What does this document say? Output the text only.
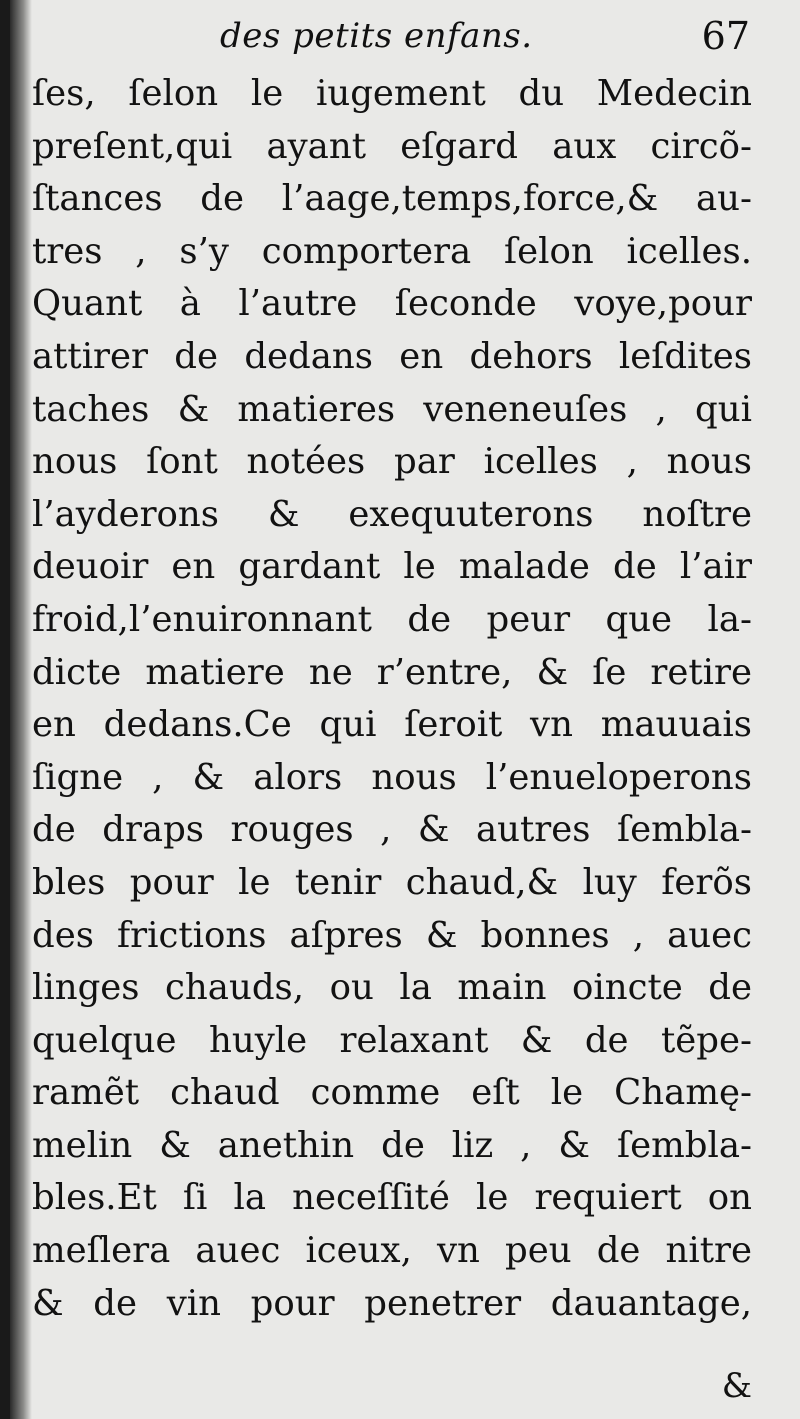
des petits enfans.	67
ſes, ſelon le iugement du Medecin
preſent,qui ayant eſgard aux circõ-
ſtances de l’aage,temps,force,& au-
tres , s’y comportera ſelon icelles.
Quant à l’autre ſeconde voye,pour
attirer de dedans en dehors leſdites
taches & matieres veneneuſes , qui
nous ſont notées par icelles , nous
l’ayderons & exequuterons noſtre
deuoir en gardant le malade de l’air
froid,l’enuironnant de peur que la-
dicte matiere ne r’entre, & ſe retire
en dedans.Ce qui ſeroit vn mauuais
ſigne , & alors nous l’enueloperons
de draps rouges , & autres ſembla-
bles pour le tenir chaud,& luy ferõs
des frictions aſpres & bonnes , auec
linges chauds, ou la main oincte de
quelque huyle relaxant & de tẽpe-
ramẽt chaud comme eſt le Chamę-
melin & anethin de liz , & ſembla-
bles.Et ſi la neceſſité le requiert on
meſlera auec iceux, vn peu de nitre
& de vin pour penetrer dauantage,
&
